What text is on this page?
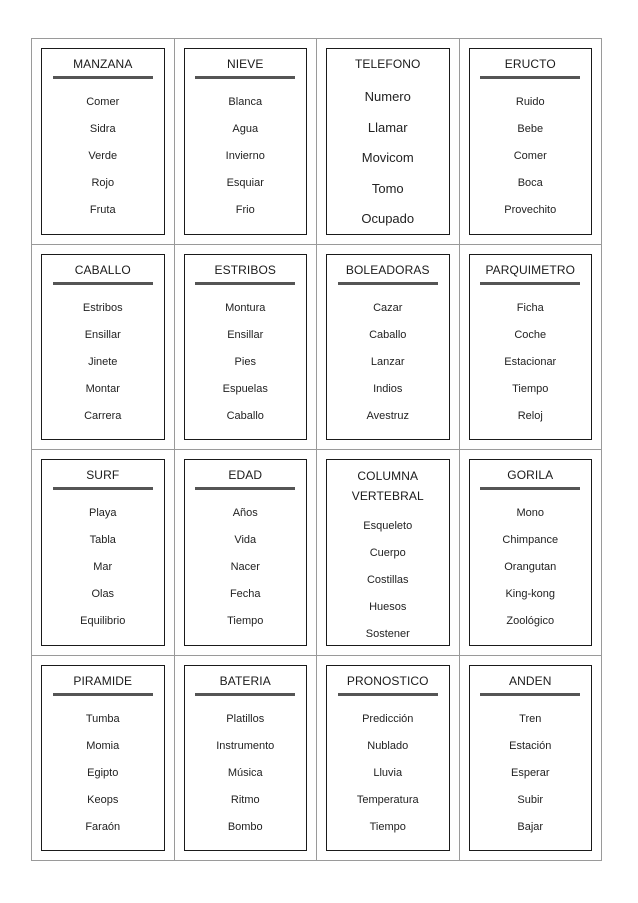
MANZANA
Comer
Sidra
Verde
Rojo
Fruta
NIEVE
Blanca
Agua
Invierno
Esquiar
Frio
TELEFONO
Numero
Llamar
Movicom
Tomo
Ocupado
ERUCTO
Ruido
Bebe
Comer
Boca
Provechito
CABALLO
Estribos
Ensillar
Jinete
Montar
Carrera
ESTRIBOS
Montura
Ensillar
Pies
Espuelas
Caballo
BOLEADORAS
Cazar
Caballo
Lanzar
Indios
Avestruz
PARQUIMETRO
Ficha
Coche
Estacionar
Tiempo
Reloj
SURF
Playa
Tabla
Mar
Olas
Equilibrio
EDAD
Años
Vida
Nacer
Fecha
Tiempo
COLUMNA
VERTEBRAL
Esqueleto
Cuerpo
Costillas
Huesos
Sostener
GORILA
Mono
Chimpance
Orangutan
King-kong
Zoológico
PIRAMIDE
Tumba
Momia
Egipto
Keops
Faraón
BATERIA
Platillos
Instrumento
Música
Ritmo
Bombo
PRONOSTICO
Predicción
Nublado
Lluvia
Temperatura
Tiempo
ANDEN
Tren
Estación
Esperar
Subir
Bajar
